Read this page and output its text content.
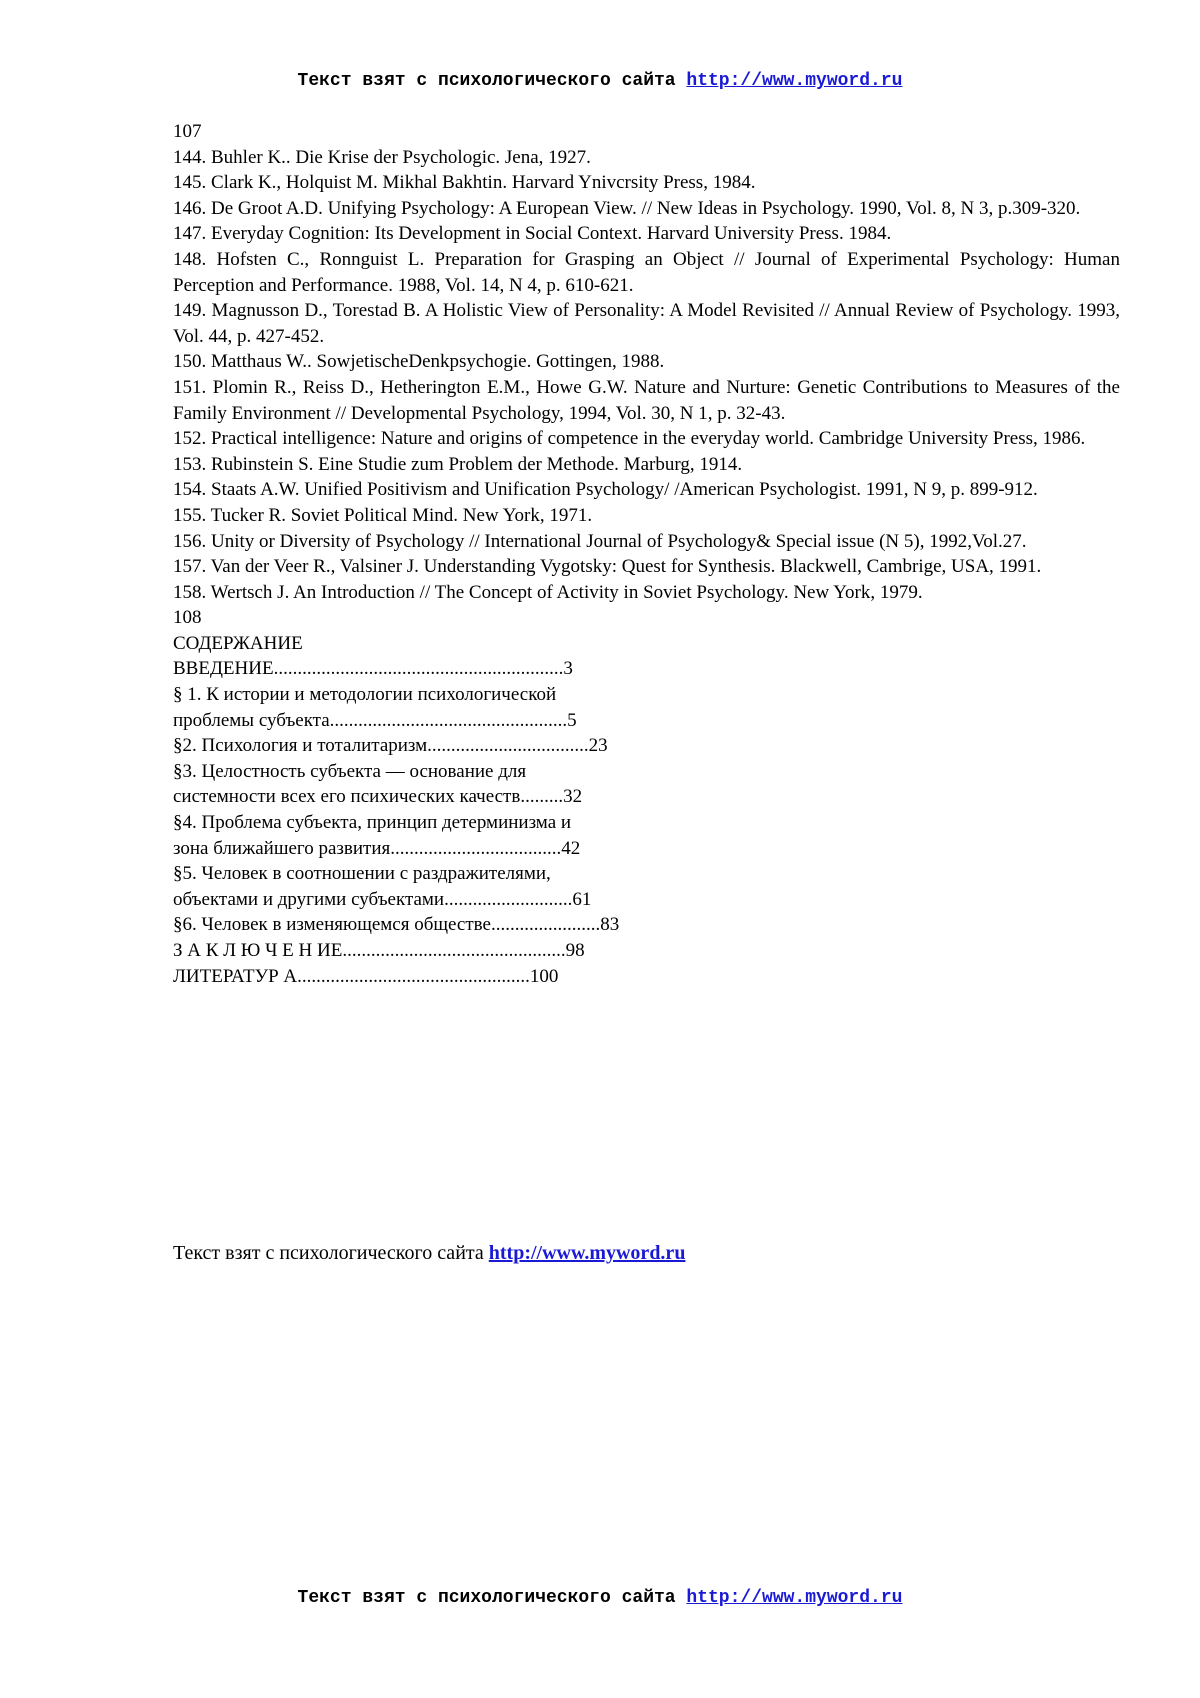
Текст взят с психологического сайта http://www.myword.ru
107
144. Buhler K.. Die Krise der Psychologic. Jena, 1927.
145. Clark K., Holquist M. Mikhal Bakhtin. Harvard Ynivcrsity Press, 1984.
146. De Groot A.D. Unifying Psychology: A European View. // New Ideas in Psychology. 1990, Vol. 8, N 3, p.309-320.
147. Everyday Cognition: Its Development in Social Context. Harvard University Press. 1984.
148. Hofsten C., Ronnguist L. Preparation for Grasping an Object // Journal of Experimental Psychology: Human Perception and Performance. 1988, Vol. 14, N 4, p. 610-621.
149. Magnusson D., Torestad B. A Holistic View of Personality: A Model Revisited // Annual Review of Psychology. 1993, Vol. 44, p. 427-452.
150. Matthaus W.. SowjetischeDenkpsychogie. Gottingen, 1988.
151. Plomin R., Reiss D., Hetherington E.M., Howe G.W. Nature and Nurture: Genetic Contributions to Measures of the Family Environment // Developmental Psychology, 1994, Vol. 30, N 1, p. 32-43.
152. Practical intelligence: Nature and origins of competence in the everyday world. Cambridge University Press, 1986.
153. Rubinstein S. Eine Studie zum Problem der Methode. Marburg, 1914.
154. Staats A.W. Unified Positivism and Unification Psychology/ /American Psychologist. 1991, N 9, p. 899-912.
155. Tucker R. Soviet Political Mind. New York, 1971.
156. Unity or Diversity of Psychology // International Journal of Psychology& Special issue (N 5), 1992,Vol.27.
157. Van der Veer R., Valsiner J. Understanding Vygotsky: Quest for Synthesis. Blackwell, Cambrige, USA, 1991.
158. Wertsch J. An Introduction // The Concept of Activity in Soviet Psychology. New York, 1979.
108
СОДЕРЖАНИЕ
ВВЕДЕНИЕ.............................................................3
§ 1. К истории и методологии психологической
проблемы субъекта..................................................5
§2. Психология и тоталитаризм..................................23
§3. Целостность субъекта — основание для
системности всех его психических качеств.........32
§4. Проблема субъекта, принцип детерминизма и
зона ближайшего развития....................................42
§5. Человек в соотношении с раздражителями,
объектами и другими субъектами...........................61
§6. Человек в изменяющемся обществе.......................83
З А К Л Ю Ч Е Н ИЕ...............................................98
ЛИТЕРАТУР А.................................................100
Текст взят с психологического сайта http://www.myword.ru
Текст взят с психологического сайта http://www.myword.ru
